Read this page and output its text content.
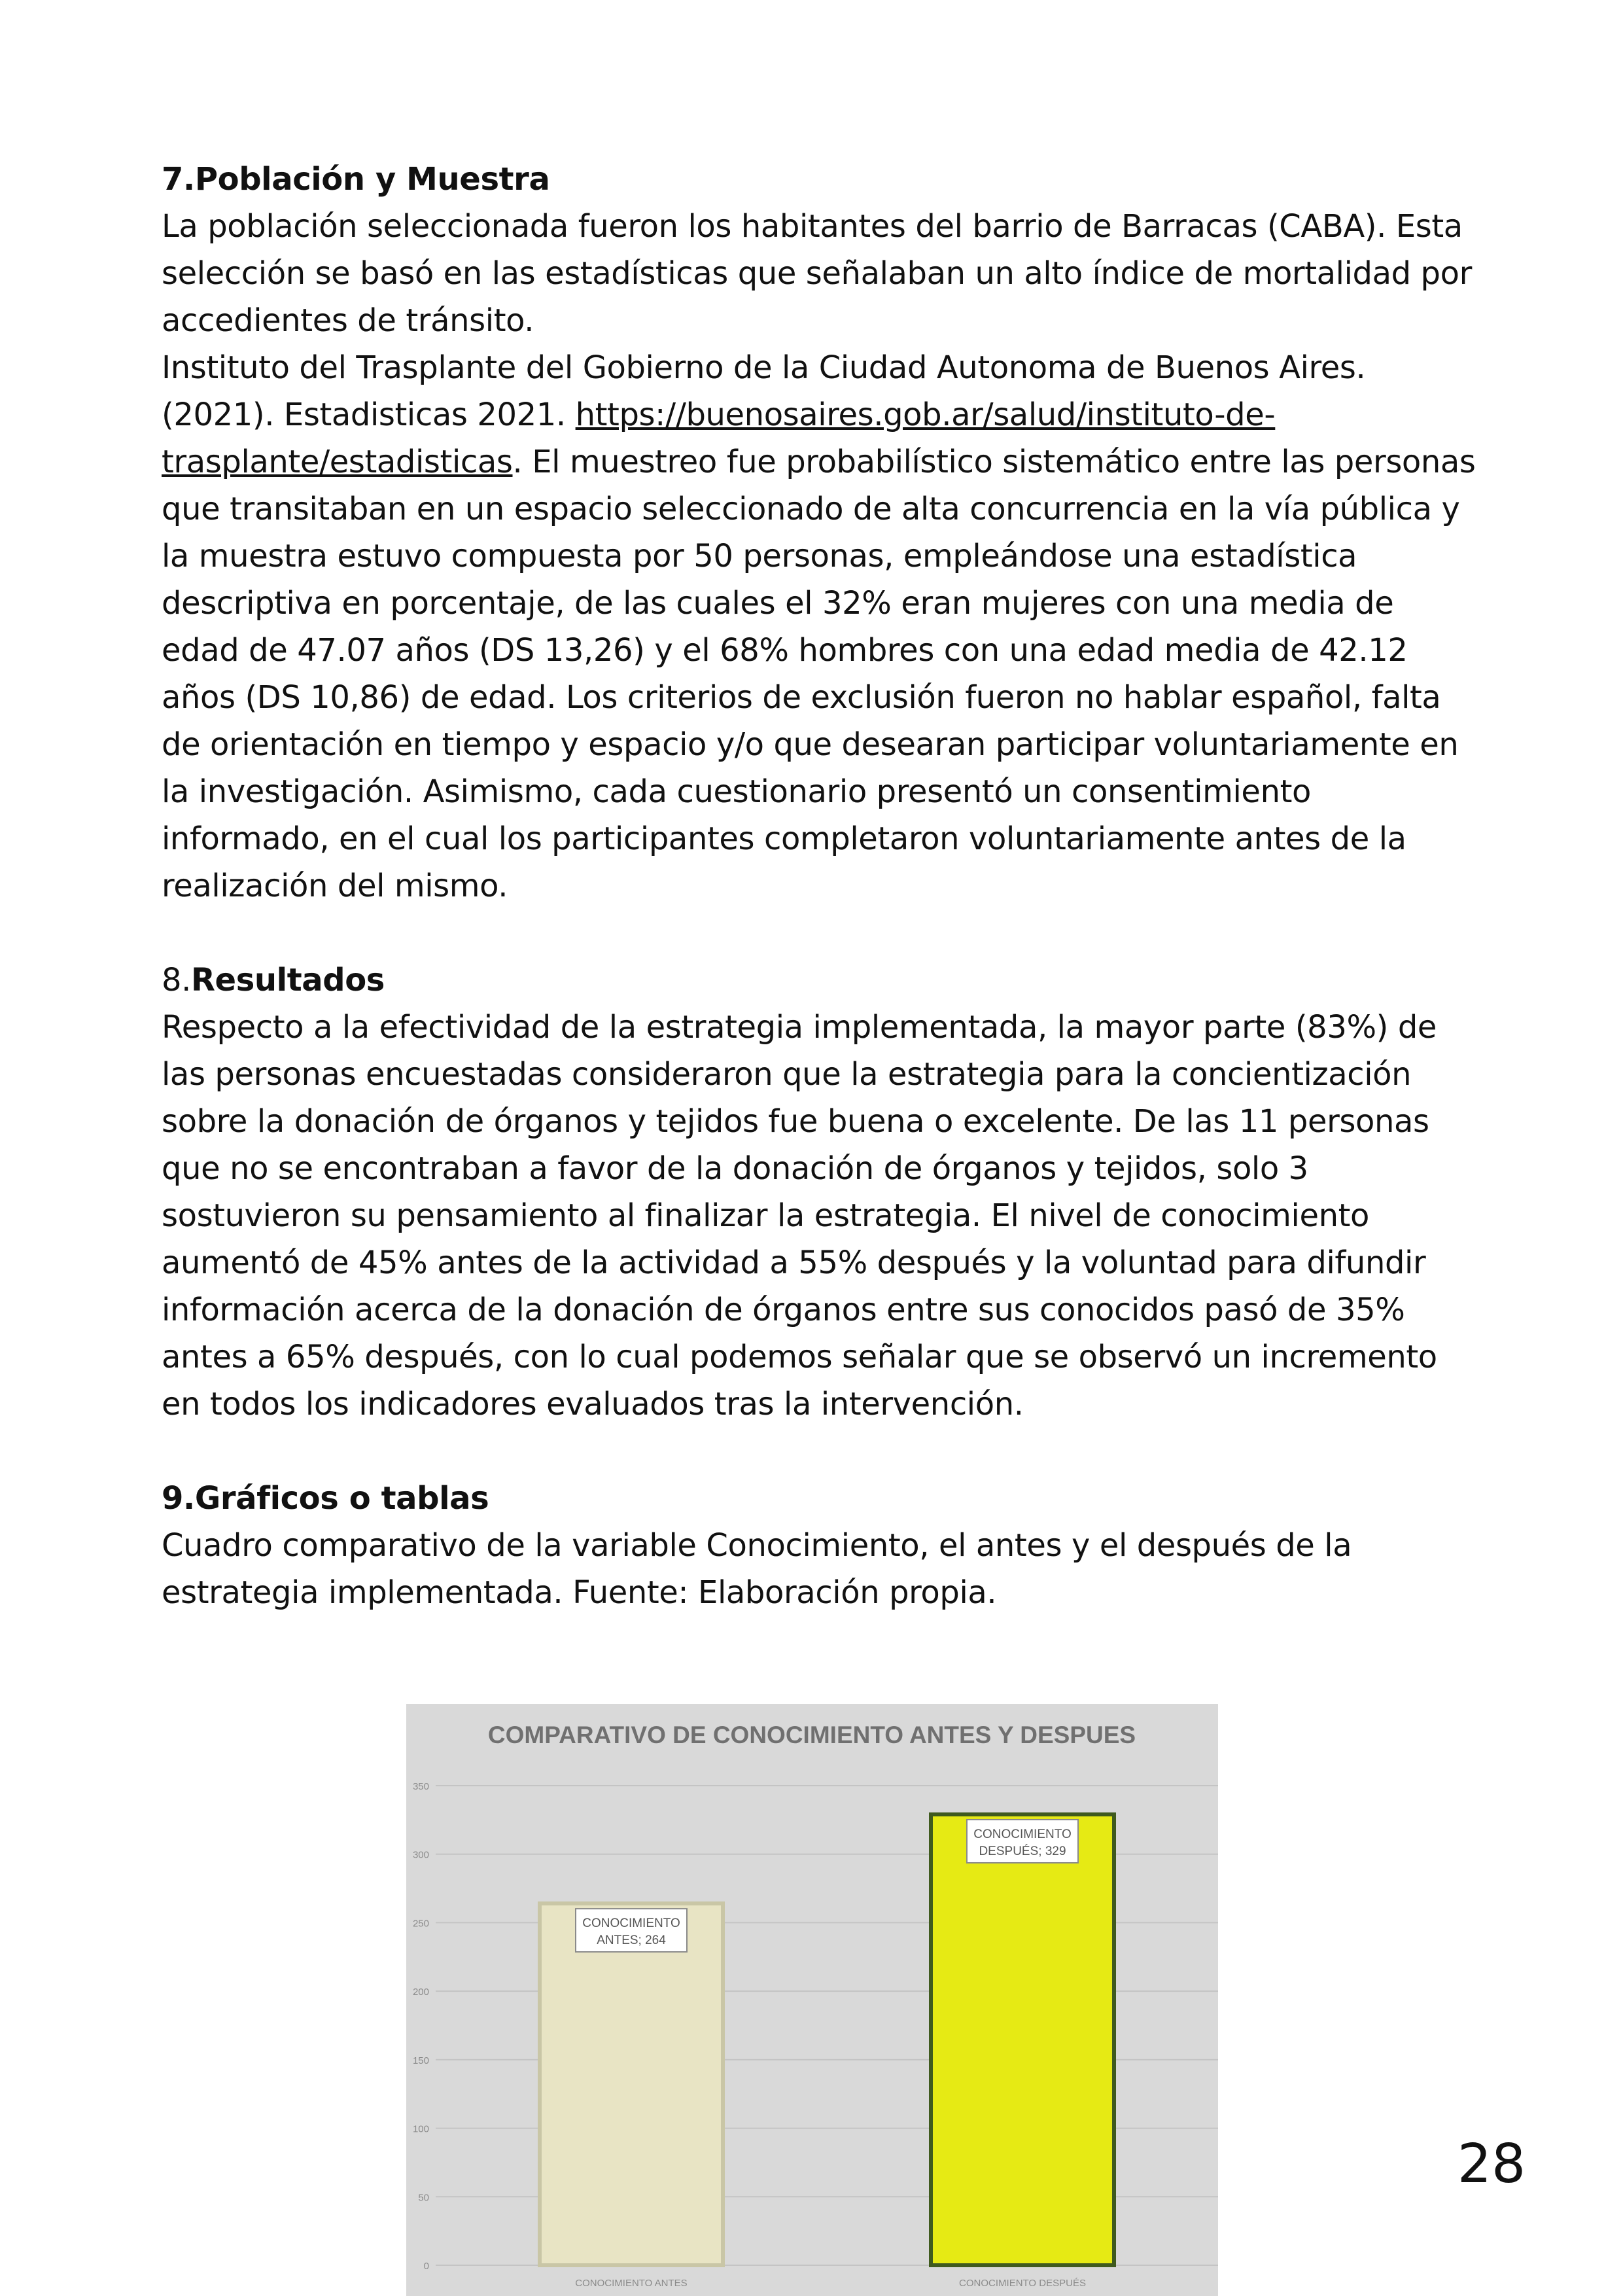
7.Población y Muestra

La población seleccionada fueron los habitantes del barrio de Barracas (CABA). Esta selección se basó en las estadísticas que señalaban un alto índice de mortalidad por accedientes de tránsito.

Instituto del Trasplante del Gobierno de la Ciudad Autonoma de Buenos Aires. (2021). Estadisticas 2021. https://buenosaires.gob.ar/salud/instituto-de-trasplante/estadisticas. El muestreo fue probabilístico sistemático entre las personas que transitaban en un espacio seleccionado de alta concurrencia en la vía pública y la muestra estuvo compuesta por 50 personas, empleándose una estadística descriptiva en porcentaje, de las cuales el 32% eran mujeres con una media de edad de 47.07 años (DS 13,26) y el 68% hombres con una edad media de 42.12 años (DS 10,86) de edad. Los criterios de exclusión fueron no hablar español, falta de orientación en tiempo y espacio y/o que desearan participar voluntariamente en la investigación. Asimismo, cada cuestionario presentó un consentimiento informado, en el cual los participantes completaron voluntariamente antes de la realización del mismo.

8.Resultados

Respecto a la efectividad de la estrategia implementada, la mayor parte (83%) de las personas encuestadas consideraron que la estrategia para la concientización sobre la donación de órganos y tejidos fue buena o excelente. De las 11 personas que no se encontraban a favor de la donación de órganos y tejidos, solo 3 sostuvieron su pensamiento al finalizar la estrategia. El nivel de conocimiento aumentó de 45% antes de la actividad a 55% después y la voluntad para difundir información acerca de la donación de órganos entre sus conocidos pasó de 35% antes a 65% después, con lo cual podemos señalar que se observó un incremento en todos los indicadores evaluados tras la intervención.

9.Gráficos o tablas

Cuadro comparativo de la variable Conocimiento, el antes y el después de la estrategia implementada. Fuente: Elaboración propia.

COMPARATIVO DE CONOCIMIENTO ANTES Y DESPUES
0
50
100
150
200
250
300
350
CONOCIMIENTO ANTES
CONOCIMIENTO
ANTES; 264
CONOCIMIENTO DESPUÉS
CONOCIMIENTO
DESPUÉS; 329
28
